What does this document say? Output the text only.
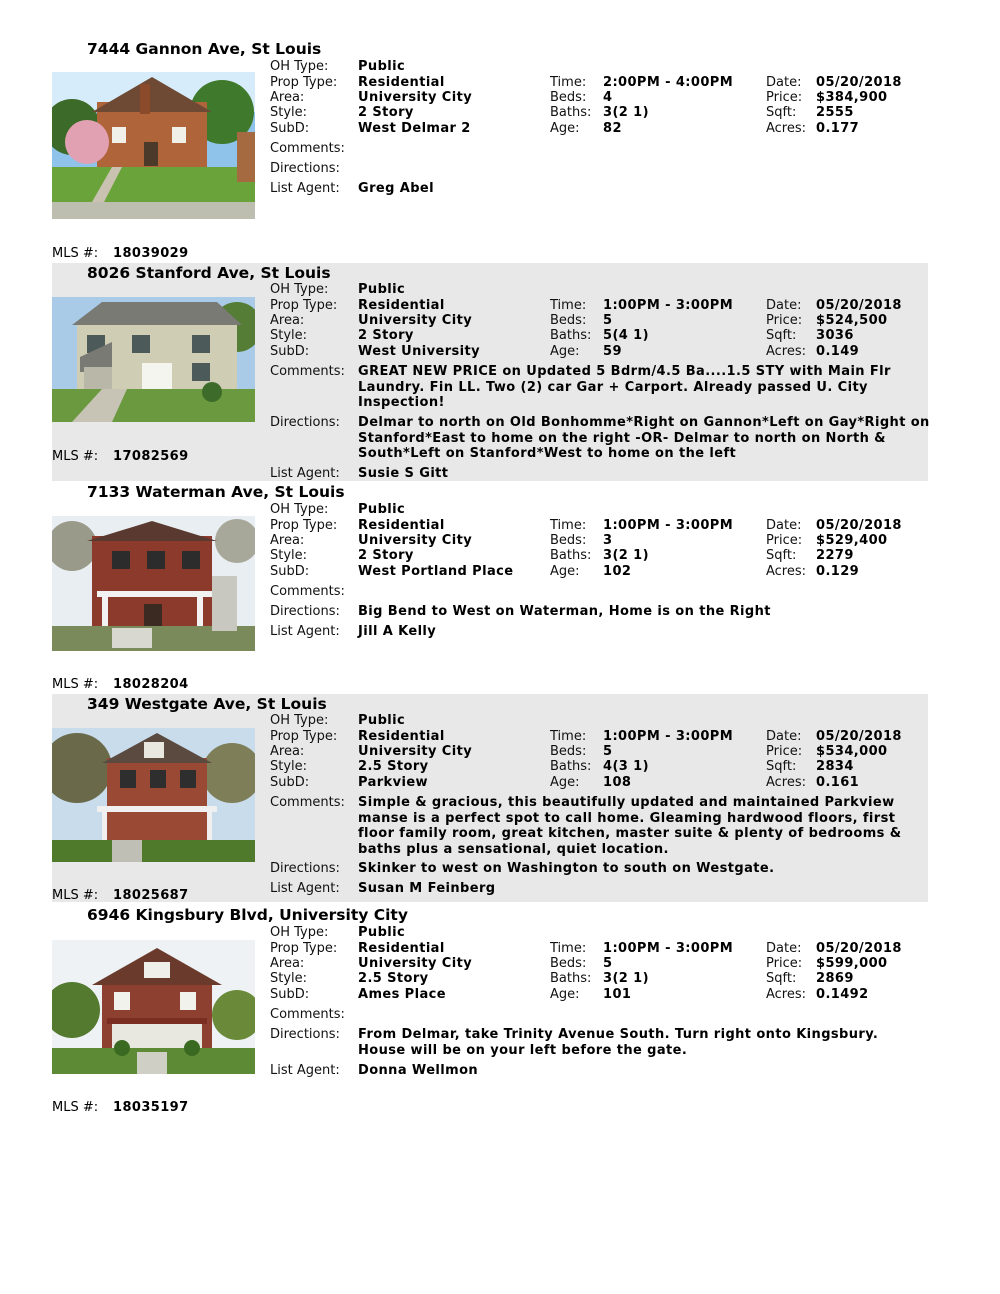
7444 Gannon Ave, St Louis
OH Type: Public
Prop Type: Residential
Area:	University City
Style:	2 Story
SubD:	West Delmar 2
Comments:
Directions:
List Agent: Greg Abel
Time: 2:00PM - 4:00PM
Beds: 4
Baths: 3(2 1)
Age: 82
Date: 05/20/2018
Price: $384,900
Sqft: 2555
Acres: 0.177
MLS #: 18039029
8026 Stanford Ave, St Louis
OH Type: Public
Prop Type: Residential
Area:	University City
Style:	2 Story
SubD:	West University
Comments: GREAT NEW PRICE on Updated 5 Bdrm/4.5 Ba....1.5 STY with Main Flr Laundry. Fin LL. Two (2) car Gar + Carport. Already passed U. City Inspection!
Directions: Delmar to north on Old Bonhomme*Right on Gannon*Left on Gay*Right on Stanford*East to home on the right -OR- Delmar to north on North & South*Left on Stanford*West to home on the left
List Agent: Susie S Gitt
Time: 1:00PM - 3:00PM
Beds: 5
Baths: 5(4 1)
Age: 59
Date: 05/20/2018
Price: $524,500
Sqft: 3036
Acres: 0.149
MLS #: 17082569
7133 Waterman Ave, St Louis
OH Type: Public
Prop Type: Residential
Area:	University City
Style:	2 Story
SubD:	West Portland Place
Comments:
Directions: Big Bend to West on Waterman, Home is on the Right
List Agent: Jill A Kelly
Time: 1:00PM - 3:00PM
Beds: 3
Baths: 3(2 1)
Age: 102
Date: 05/20/2018
Price: $529,400
Sqft: 2279
Acres: 0.129
MLS #: 18028204
349 Westgate Ave, St Louis
OH Type: Public
Prop Type: Residential
Area:	University City
Style:	2.5 Story
SubD:	Parkview
Comments: Simple & gracious, this beautifully updated and maintained Parkview manse is a perfect spot to call home. Gleaming hardwood floors, first floor family room, great kitchen, master suite & plenty of bedrooms & baths plus a sensational, quiet location.
Directions: Skinker to west on Washington to south on Westgate.
List Agent: Susan M Feinberg
Time: 1:00PM - 3:00PM
Beds: 5
Baths: 4(3 1)
Age: 108
Date: 05/20/2018
Price: $534,000
Sqft: 2834
Acres: 0.161
MLS #: 18025687
6946 Kingsbury Blvd, University City
OH Type: Public
Prop Type: Residential
Area:	University City
Style:	2.5 Story
SubD:	Ames Place
Comments:
Directions: From Delmar, take Trinity Avenue South. Turn right onto Kingsbury. House will be on your left before the gate.
List Agent: Donna Wellmon
Time: 1:00PM - 3:00PM
Beds: 5
Baths: 3(2 1)
Age: 101
Date: 05/20/2018
Price: $599,000
Sqft: 2869
Acres: 0.1492
MLS #: 18035197
